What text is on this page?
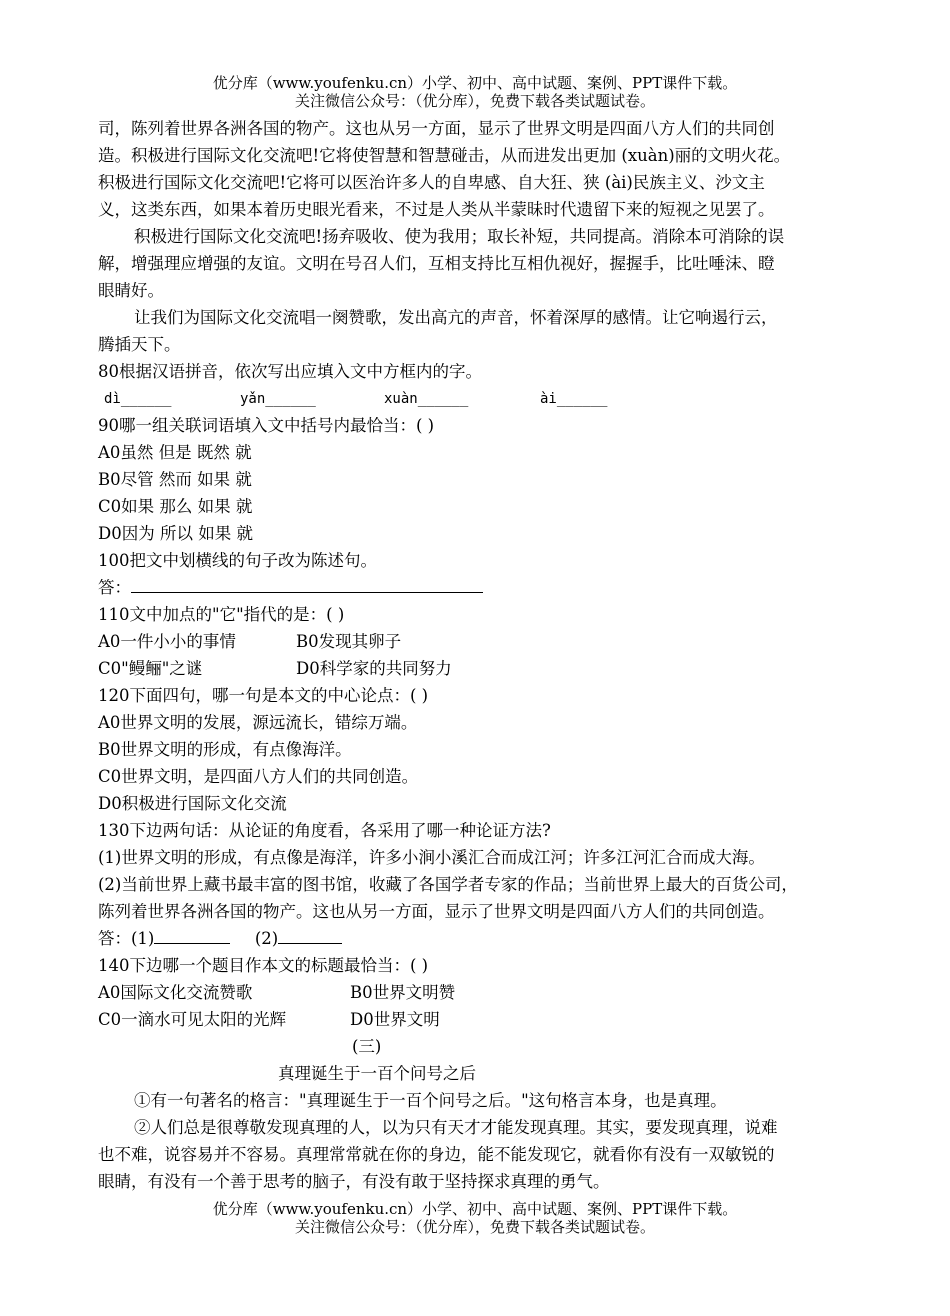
优分库（www.youfenku.cn）小学、初中、高中试题、案例、PPT课件下载。
关注微信公众号：（优分库），免费下载各类试题试卷。
司，陈列着世界各洲各国的物产。这也从另一方面，显示了世界文明是四面八方人们的共同创
造。积极进行国际文化交流吧!它将使智慧和智慧碰击，从而进发出更加 (xuàn)丽的文明火花。
积极进行国际文化交流吧!它将可以医治许多人的自卑感、自大狂、狭 (ài)民族主义、沙文主
义，这类东西，如果本着历史眼光看来，不过是人类从半蒙昧时代遗留下来的短视之见罢了。
积极进行国际文化交流吧!扬弃吸收、使为我用；取长补短，共同提高。消除本可消除的误
解，增强理应增强的友谊。文明在号召人们，互相支持比互相仇视好，握握手，比吐唾沫、瞪
眼睛好。
让我们为国际文化交流唱一阕赞歌，发出高亢的声音，怀着深厚的感情。让它响遏行云，
腾插天下。
80根据汉语拼音，依次写出应填入文中方框内的字。
dì______	yǎn______	xuàn______	ài______
90哪一组关联词语填入文中括号内最恰当：( )
A0虽然 但是 既然 就
B0尽管 然而 如果 就
C0如果 那么 如果 就
D0因为 所以 如果 就
100把文中划横线的句子改为陈述句。
答：
110文中加点的"它"指代的是：( )
A0一件小小的事情	B0发现其卵子
C0"鳗鲡"之谜	D0科学家的共同努力
120下面四句，哪一句是本文的中心论点：( )
A0世界文明的发展，源远流长，错综万端。
B0世界文明的形成，有点像海洋。
C0世界文明，是四面八方人们的共同创造。
D0积极进行国际文化交流
130下边两句话：从论证的角度看，各采用了哪一种论证方法?
(1)世界文明的形成，有点像是海洋，许多小涧小溪汇合而成江河；许多江河汇合而成大海。
(2)当前世界上藏书最丰富的图书馆，收藏了各国学者专家的作品；当前世界上最大的百货公司，
陈列着世界各洲各国的物产。这也从另一方面，显示了世界文明是四面八方人们的共同创造。
答：(1)	(2)
140下边哪一个题目作本文的标题最恰当：( )
A0国际文化交流赞歌	B0世界文明赞
C0一滴水可见太阳的光辉	D0世界文明
(三)
真理诞生于一百个问号之后
①有一句著名的格言："真理诞生于一百个问号之后。"这句格言本身，也是真理。
②人们总是很尊敬发现真理的人，以为只有天才才能发现真理。其实，要发现真理，说难
也不难，说容易并不容易。真理常常就在你的身边，能不能发现它，就看你有没有一双敏锐的
眼睛，有没有一个善于思考的脑子，有没有敢于坚持探求真理的勇气。
优分库（www.youfenku.cn）小学、初中、高中试题、案例、PPT课件下载。
关注微信公众号：（优分库），免费下载各类试题试卷。
